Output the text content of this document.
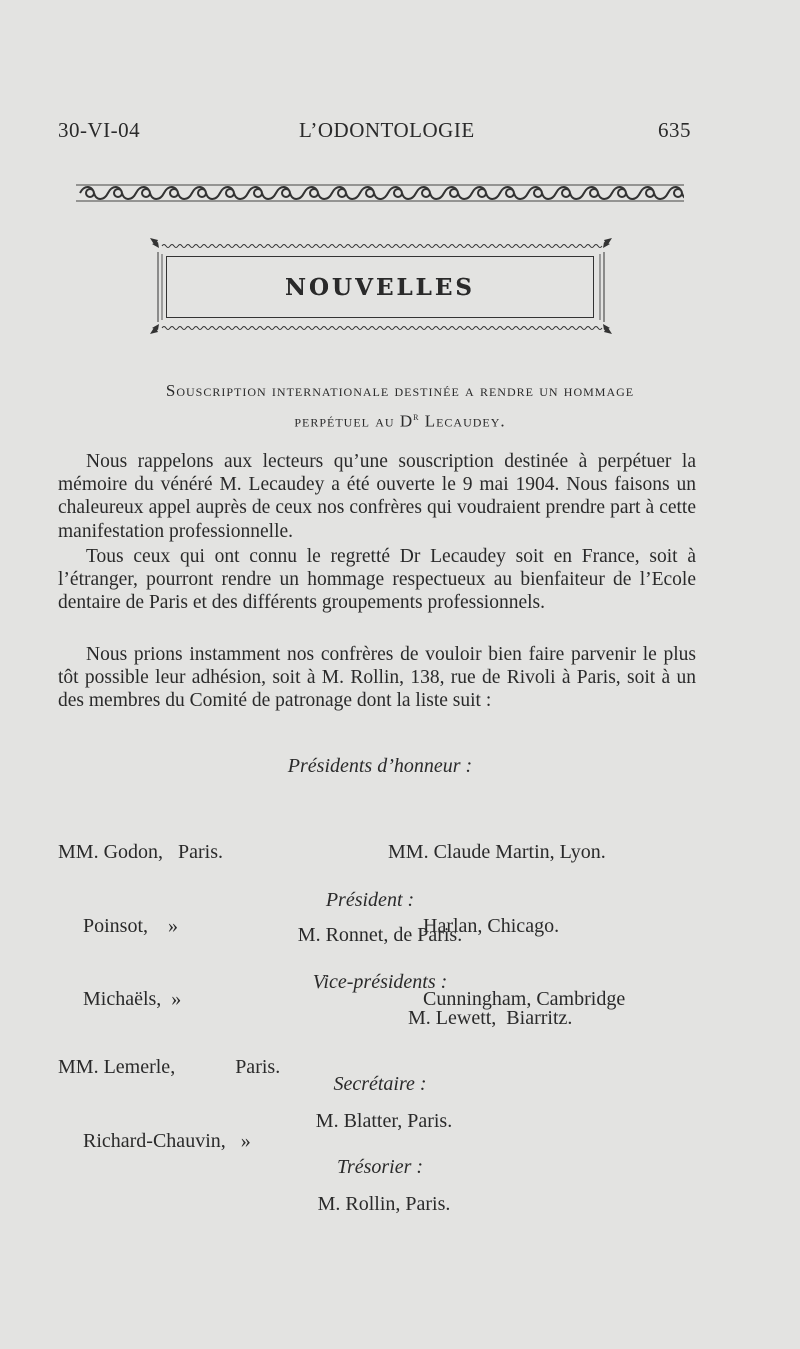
30-VI-04	L’ODONTOLOGIE	635
NOUVELLES
Souscription internationale destinée a rendre un hommage
perpétuel au $D^r$ Lecaudey.
Nous rappelons aux lecteurs qu’une souscription destinée à perpétuer la mémoire du vénéré M. Lecaudey a été ouverte le 9 mai 1904. Nous faisons un chaleureux appel auprès de ceux nos confrères qui voudraient prendre part à cette manifestation professionnelle.
Tous ceux qui ont connu le regretté Dr Lecaudey soit en France, soit à l’étranger, pourront rendre un hommage respectueux au bienfaiteur de l’Ecole dentaire de Paris et des différents groupements professionnels.
Nous prions instamment nos confrères de vouloir bien faire parvenir le plus tôt possible leur adhésion, soit à M. Rollin, 138, rue de Rivoli à Paris, soit à un des membres du Comité de patronage dont la liste suit :
Présidents d’honneur :

MM. Godon,   Paris.

Poinsot,    »

Michaëls,  »

MM. Claude Martin, Lyon.

Harlan, Chicago.

Cunningham, Cambridge

Président :
M. Ronnet, de Paris.
Vice-présidents :

MM. Lemerle,            Paris.

Richard-Chauvin,   »

M. Lewett,  Biarritz.
Secrétaire :
M. Blatter, Paris.
Trésorier :
M. Rollin, Paris.
